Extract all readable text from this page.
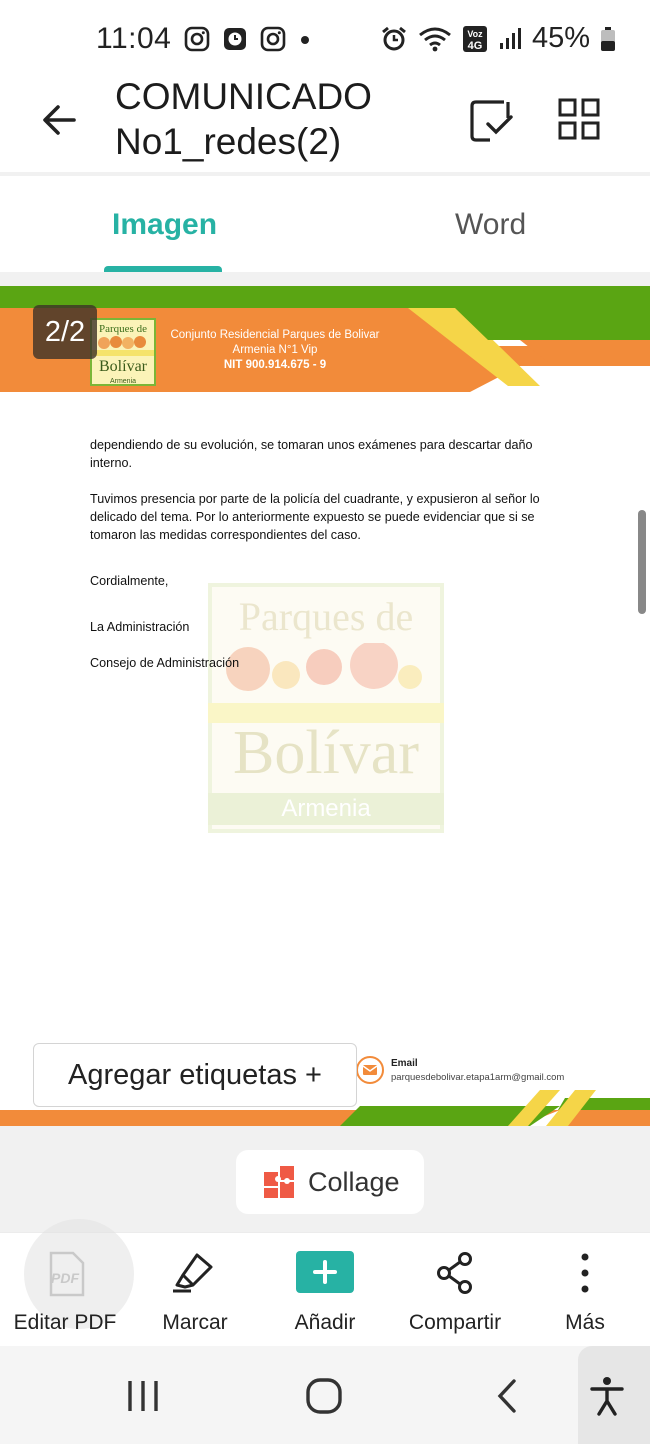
11:04	Voz
4G 45%
COMUNICADO
No1_redes(2)
Imagen	Word
Parques de
Bolívar
Armenia
Conjunto Residencial Parques de Bolivar
Armenia N°1 Vip
NIT 900.914.675 - 9
2/2
Parques de
Bolívar
Armenia

dependiendo de su evolución, se tomaran unos exámenes para descartar daño interno.

Tuvimos presencia por parte de la policía del cuadrante, y expusieron al señor lo delicado del tema. Por lo anteriormente expuesto se puede evidenciar que si se tomaron las medidas correspondientes del caso.

Cordialmente,

La Administración

Consejo de Administración

Email
parquesdebolivar.etapa1arm@gmail.com
Agregar etiquetas +
Collage
PDF
Editar PDF	Marcar	Añadir	Compartir	Más
